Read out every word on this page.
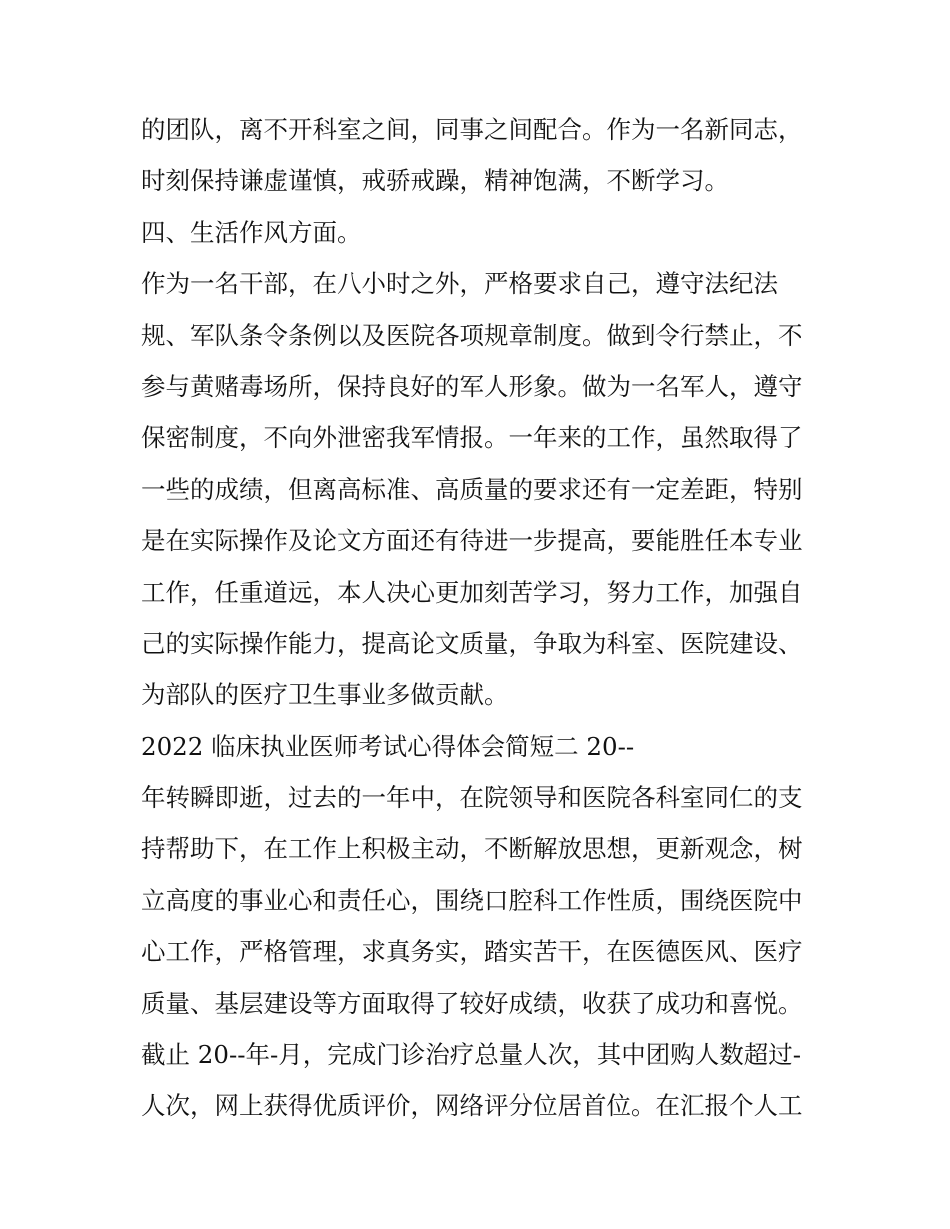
的团队，离不开科室之间，同事之间配合。作为一名新同志，
时刻保持谦虚谨慎，戒骄戒躁，精神饱满，不断学习。
四、生活作风方面。
作为一名干部，在八小时之外，严格要求自己，遵守法纪法
规、军队条令条例以及医院各项规章制度。做到令行禁止，不
参与黄赌毒场所，保持良好的军人形象。做为一名军人，遵守
保密制度，不向外泄密我军情报。一年来的工作，虽然取得了
一些的成绩，但离高标准、高质量的要求还有一定差距，特别
是在实际操作及论文方面还有待进一步提高，要能胜任本专业
工作，任重道远，本人决心更加刻苦学习，努力工作，加强自
己的实际操作能力，提高论文质量，争取为科室、医院建设、
为部队的医疗卫生事业多做贡献。
2022 临床执业医师考试心得体会简短二 20--
年转瞬即逝，过去的一年中，在院领导和医院各科室同仁的支
持帮助下，在工作上积极主动，不断解放思想，更新观念，树
立高度的事业心和责任心，围绕口腔科工作性质，围绕医院中
心工作，严格管理，求真务实，踏实苦干，在医德医风、医疗
质量、基层建设等方面取得了较好成绩，收获了成功和喜悦。
截止 20--年-月，完成门诊治疗总量人次，其中团购人数超过-
人次，网上获得优质评价，网络评分位居首位。在汇报个人工
